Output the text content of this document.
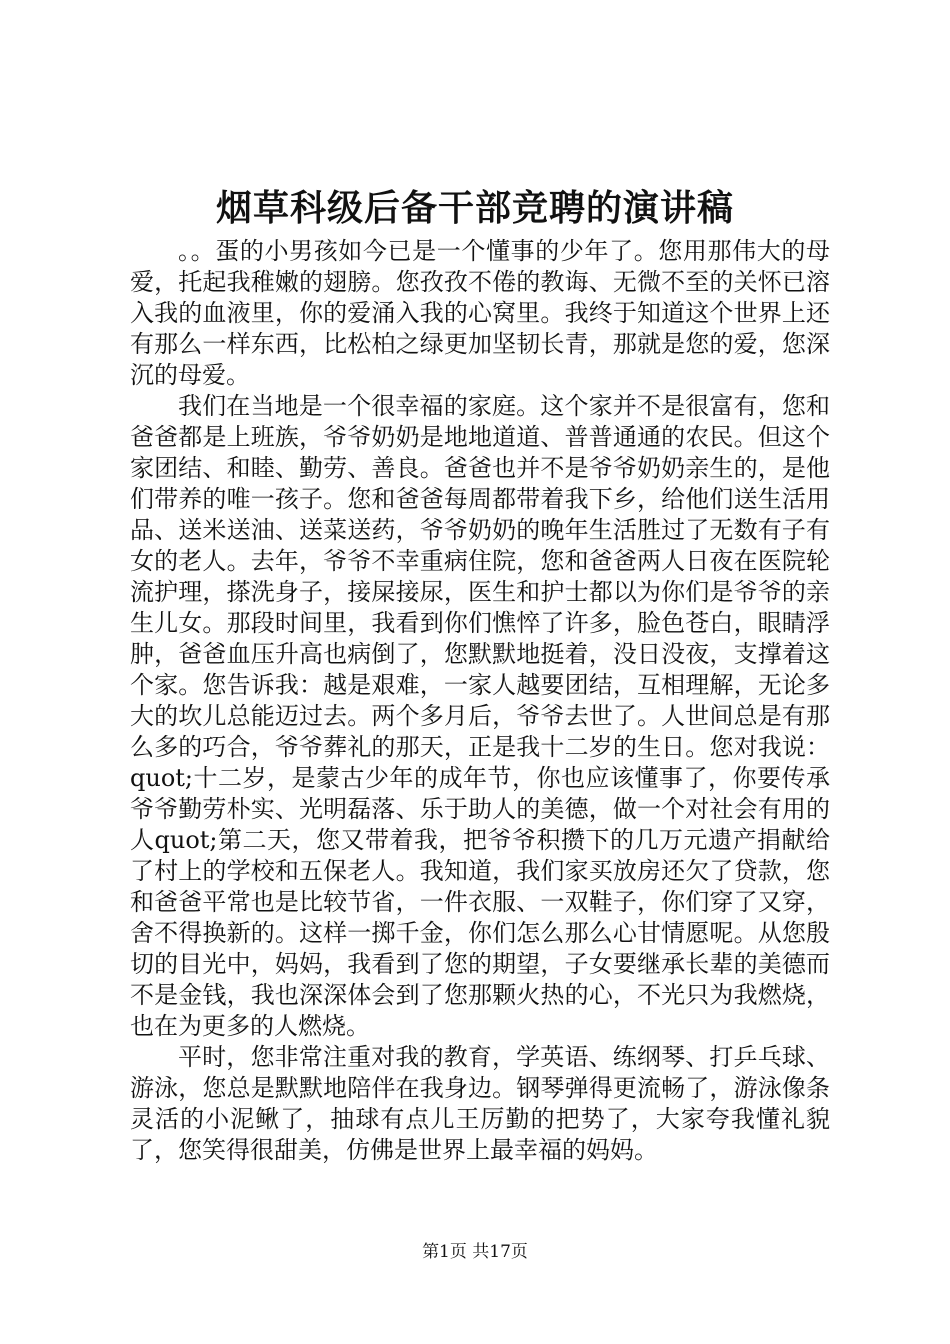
烟草科级后备干部竞聘的演讲稿

。。蛋的小男孩如今已是一个懂事的少年了。您用那伟大的母爱，托起我稚嫩的翅膀。您孜孜不倦的教诲、无微不至的关怀已溶入我的血液里，你的爱涌入我的心窝里。我终于知道这个世界上还有那么一样东西，比松柏之绿更加坚韧长青，那就是您的爱，您深沉的母爱。

我们在当地是一个很幸福的家庭。这个家并不是很富有，您和爸爸都是上班族，爷爷奶奶是地地道道、普普通通的农民。但这个家团结、和睦、勤劳、善良。爸爸也并不是爷爷奶奶亲生的，是他们带养的唯一孩子。您和爸爸每周都带着我下乡，给他们送生活用品、送米送油、送菜送药，爷爷奶奶的晚年生活胜过了无数有子有女的老人。去年，爷爷不幸重病住院，您和爸爸两人日夜在医院轮流护理，搽洗身子，接屎接尿，医生和护士都以为你们是爷爷的亲生儿女。那段时间里，我看到你们憔悴了许多，脸色苍白，眼睛浮肿，爸爸血压升高也病倒了，您默默地挺着，没日没夜，支撑着这个家。您告诉我：越是艰难，一家人越要团结，互相理解，无论多大的坎儿总能迈过去。两个多月后，爷爷去世了。人世间总是有那么多的巧合，爷爷葬礼的那天，正是我十二岁的生日。您对我说：quot;十二岁，是蒙古少年的成年节，你也应该懂事了，你要传承爷爷勤劳朴实、光明磊落、乐于助人的美德，做一个对社会有用的人quot;第二天，您又带着我，把爷爷积攒下的几万元遗产捐献给了村上的学校和五保老人。我知道，我们家买放房还欠了贷款，您和爸爸平常也是比较节省，一件衣服、一双鞋子，你们穿了又穿，舍不得换新的。这样一掷千金，你们怎么那么心甘情愿呢。从您殷切的目光中，妈妈，我看到了您的期望，子女要继承长辈的美德而不是金钱，我也深深体会到了您那颗火热的心，不光只为我燃烧，也在为更多的人燃烧。

平时，您非常注重对我的教育，学英语、练纲琴、打乒乓球、游泳，您总是默默地陪伴在我身边。钢琴弹得更流畅了，游泳像条灵活的小泥鳅了，抽球有点儿王厉勤的把势了，大家夸我懂礼貌了，您笑得很甜美，仿佛是世界上最幸福的妈妈。

第1页 共17页
